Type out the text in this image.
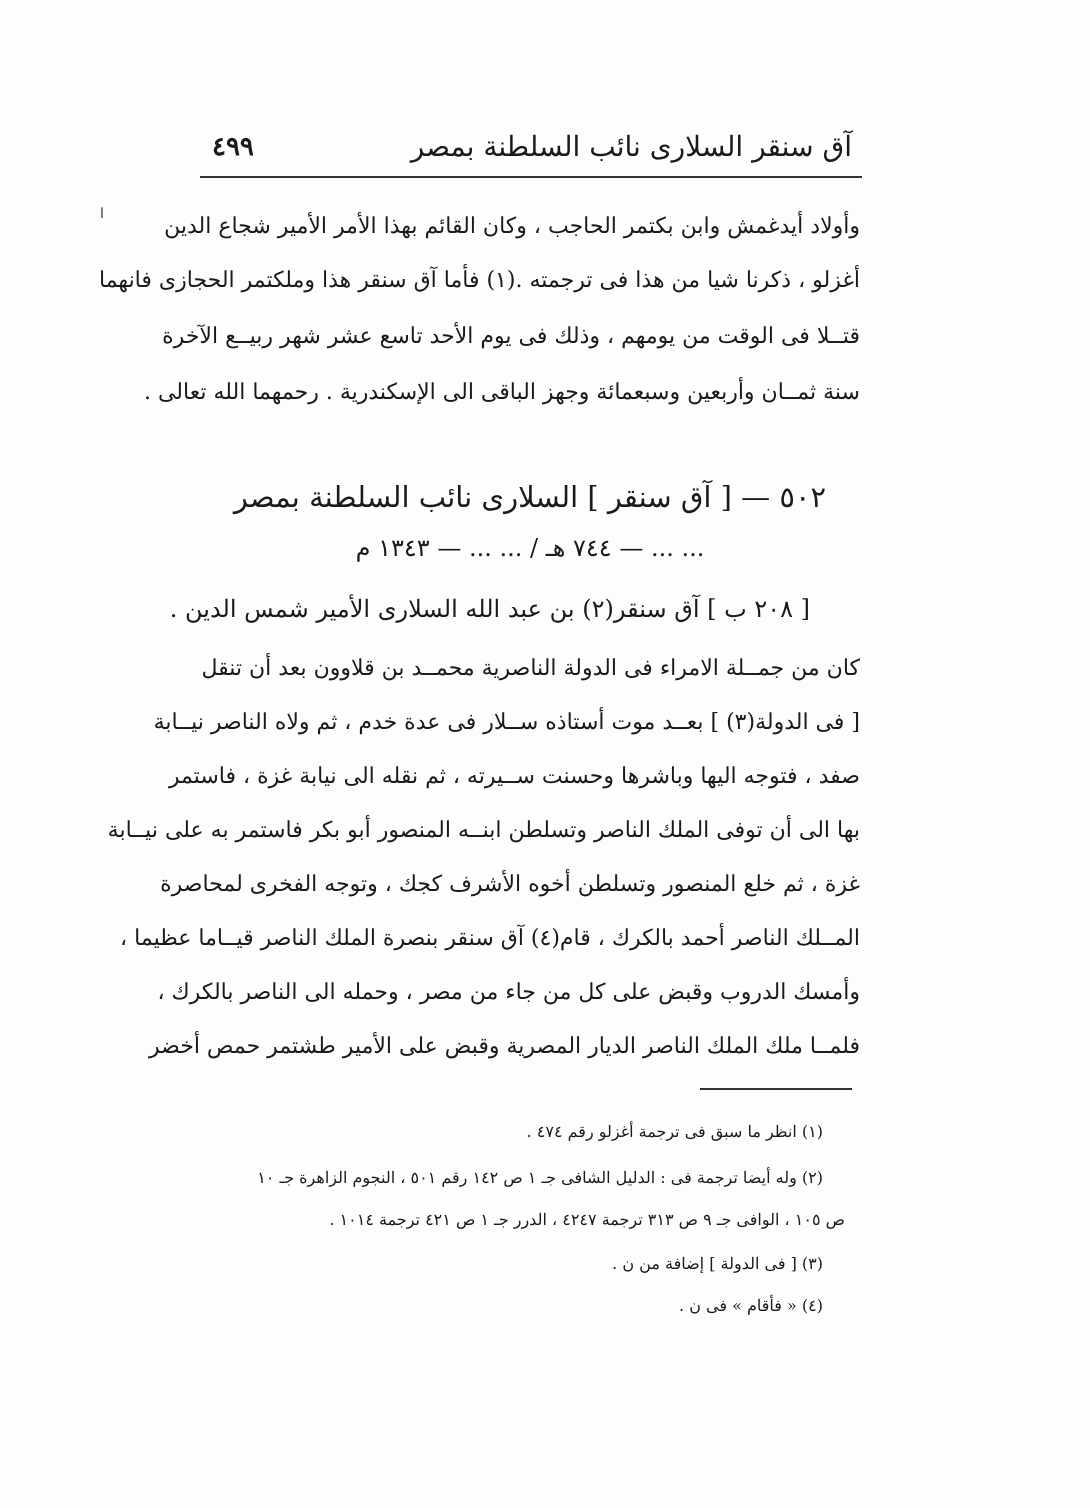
آق سنقر السلارى نائب السلطنة بمصر
٤٩٩
ا	وأولاد أيدغمش وابن بكتمر الحاجب ، وكان القائم بهذا الأمر الأمير شجاع الدين
أغزلو ، ذكرنا شيا من هذا فى ترجمته .(١) فأما آق سنقر هذا وملكتمر الحجازى فانهما
قتــلا فى الوقت من يومهم ، وذلك فى يوم الأحد تاسع عشر شهر ربيــع الآخرة
سنة ثمــان وأربعين وسبعمائة وجهز الباقى الى الإسكندرية . رحمهما الله تعالى .
٥٠٢ — [ آق سنقر ] السلارى نائب السلطنة بمصر
... ... — ٧٤٤ هـ / ... ... — ١٣٤٣ م
[ ٢٠٨ ب ] آق سنقر(٢) بن عبد الله السلارى الأمير شمس الدين .
كان من جمــلة الامراء فى الدولة الناصرية محمــد بن قلاوون بعد أن تنقل
[ فى الدولة(٣) ] بعــد موت أستاذه ســلار فى عدة خدم ، ثم ولاه الناصر نيــابة
صفد ، فتوجه اليها وباشرها وحسنت ســيرته ، ثم نقله الى نيابة غزة ، فاستمر
بها الى أن توفى الملك الناصر وتسلطن ابنــه المنصور أبو بكر فاستمر به على نيــابة
غزة ، ثم خلع المنصور وتسلطن أخوه الأشرف كجك ، وتوجه الفخرى لمحاصرة
المــلك الناصر أحمد بالكرك ، قام(٤) آق سنقر بنصرة الملك الناصر قيــاما عظيما ،
وأمسك الدروب وقبض على كل من جاء من مصر ، وحمله الى الناصر بالكرك ،
فلمــا ملك الملك الناصر الديار المصرية وقبض على الأمير طشتمر حمص أخضر
(١) انظر ما سبق فى ترجمة أغزلو رقم ٤٧٤ .
(٢) وله أيضا ترجمة فى : الدليل الشافى جـ ١ ص ١٤٢ رقم ٥٠١ ، النجوم الزاهرة جـ ١٠
ص ١٠٥ ، الوافى جـ ٩ ص ٣١٣ ترجمة ٤٢٤٧ ، الدرر جـ ١ ص ٤٢١ ترجمة ١٠١٤ .
(٣) [ فى الدولة ] إضافة من ن .
(٤) « فأقام » فى ن .
